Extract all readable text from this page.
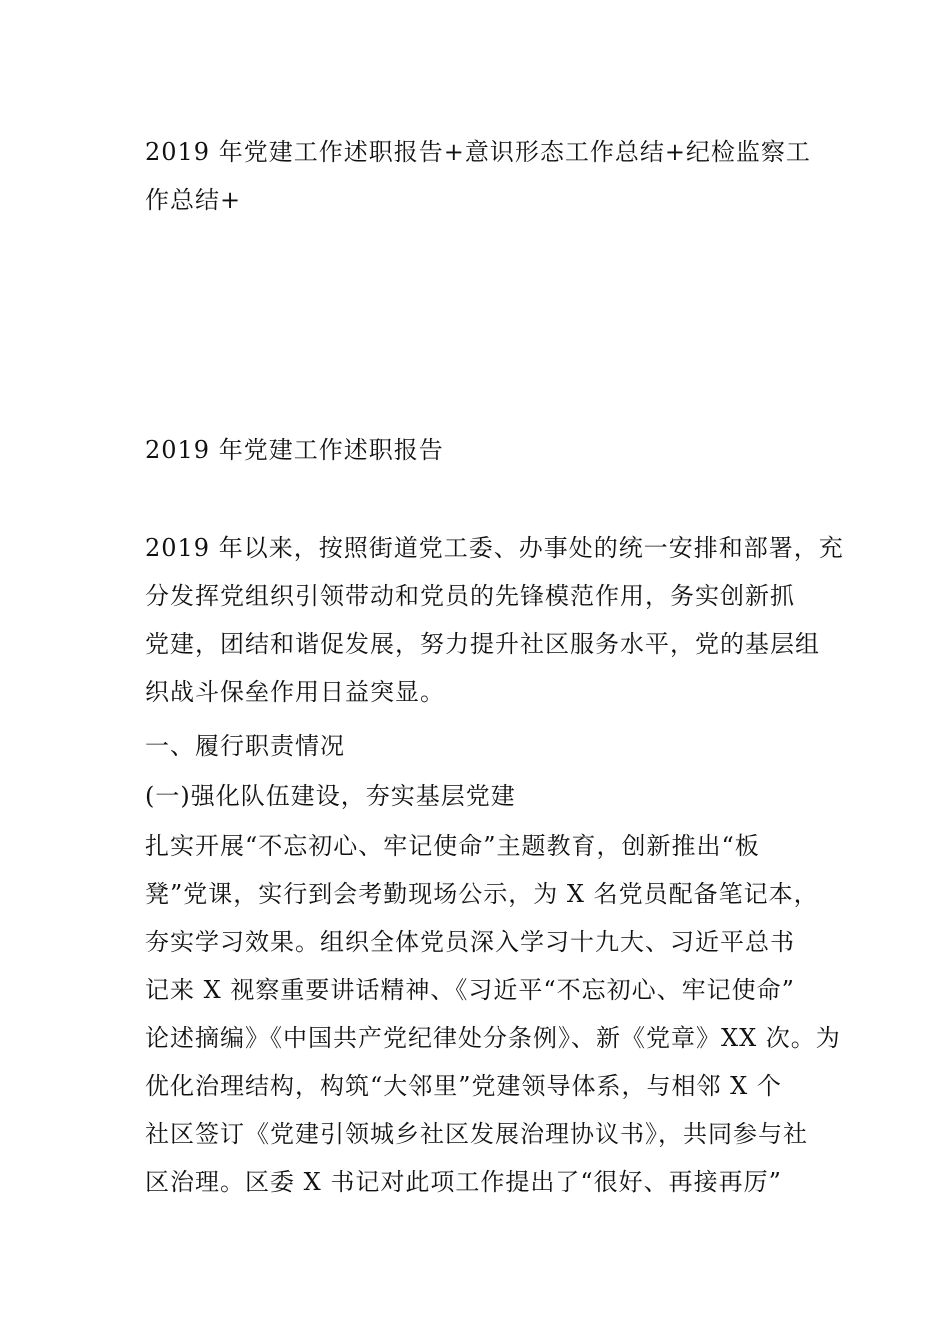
2019 年党建工作述职报告+意识形态工作总结+纪检监察工
作总结+
2019 年党建工作述职报告
2019 年以来，按照街道党工委、办事处的统一安排和部署，充
分发挥党组织引领带动和党员的先锋模范作用，务实创新抓
党建，团结和谐促发展，努力提升社区服务水平，党的基层组
织战斗保垒作用日益突显。
一、履行职责情况
(一)强化队伍建设，夯实基层党建
扎实开展“不忘初心、牢记使命”主题教育，创新推出“板
凳”党课，实行到会考勤现场公示，为 X 名党员配备笔记本，
夯实学习效果。组织全体党员深入学习十九大、习近平总书
记来 X 视察重要讲话精神、《习近平“不忘初心、牢记使命”
论述摘编》《中国共产党纪律处分条例》、新《党章》XX 次。为
优化治理结构，构筑“大邻里”党建领导体系，与相邻 X 个
社区签订《党建引领城乡社区发展治理协议书》，共同参与社
区治理。区委 X 书记对此项工作提出了“很好、再接再厉”
